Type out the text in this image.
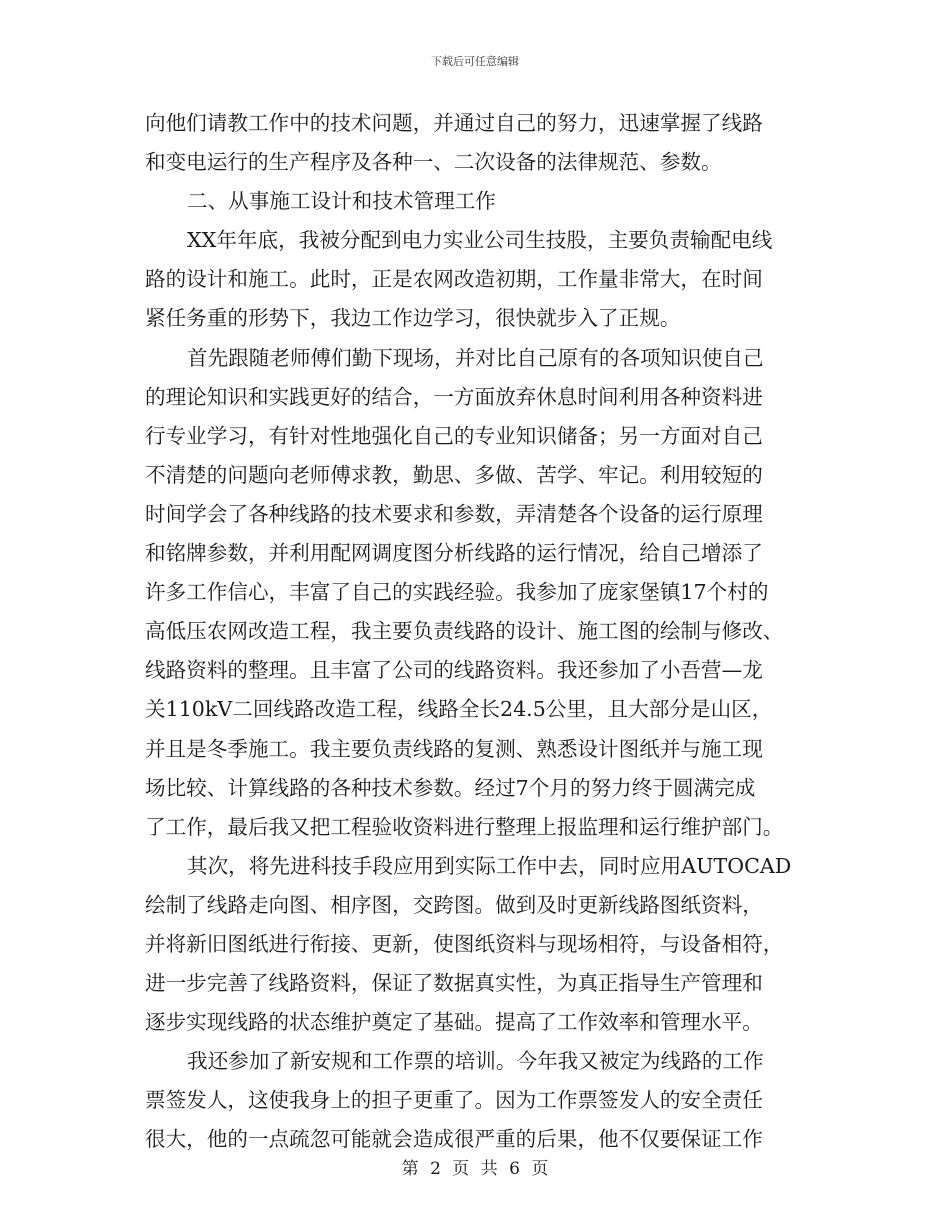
下载后可任意编辑
向他们请教工作中的技术问题，并通过自己的努力，迅速掌握了线路
和变电运行的生产程序及各种一、二次设备的法律规范、参数。
二、从事施工设计和技术管理工作
XX年年底，我被分配到电力实业公司生技股，主要负责输配电线
路的设计和施工。此时，正是农网改造初期，工作量非常大，在时间
紧任务重的形势下，我边工作边学习，很快就步入了正规。
首先跟随老师傅们勤下现场，并对比自己原有的各项知识使自己
的理论知识和实践更好的结合，一方面放弃休息时间利用各种资料进
行专业学习，有针对性地强化自己的专业知识储备；另一方面对自己
不清楚的问题向老师傅求教，勤思、多做、苦学、牢记。利用较短的
时间学会了各种线路的技术要求和参数，弄清楚各个设备的运行原理
和铭牌参数，并利用配网调度图分析线路的运行情况，给自己增添了
许多工作信心，丰富了自己的实践经验。我参加了庞家堡镇17个村的
高低压农网改造工程，我主要负责线路的设计、施工图的绘制与修改、
线路资料的整理。且丰富了公司的线路资料。我还参加了小吾营—龙
关110kV二回线路改造工程，线路全长24.5公里，且大部分是山区，
并且是冬季施工。我主要负责线路的复测、熟悉设计图纸并与施工现
场比较、计算线路的各种技术参数。经过7个月的努力终于圆满完成
了工作，最后我又把工程验收资料进行整理上报监理和运行维护部门。
其次，将先进科技手段应用到实际工作中去，同时应用AUTOCAD
绘制了线路走向图、相序图，交跨图。做到及时更新线路图纸资料，
并将新旧图纸进行衔接、更新，使图纸资料与现场相符，与设备相符，
进一步完善了线路资料，保证了数据真实性，为真正指导生产管理和
逐步实现线路的状态维护奠定了基础。提高了工作效率和管理水平。
我还参加了新安规和工作票的培训。今年我又被定为线路的工作
票签发人，这使我身上的担子更重了。因为工作票签发人的安全责任
很大，他的一点疏忽可能就会造成很严重的后果，他不仅要保证工作
第 2 页 共 6 页
